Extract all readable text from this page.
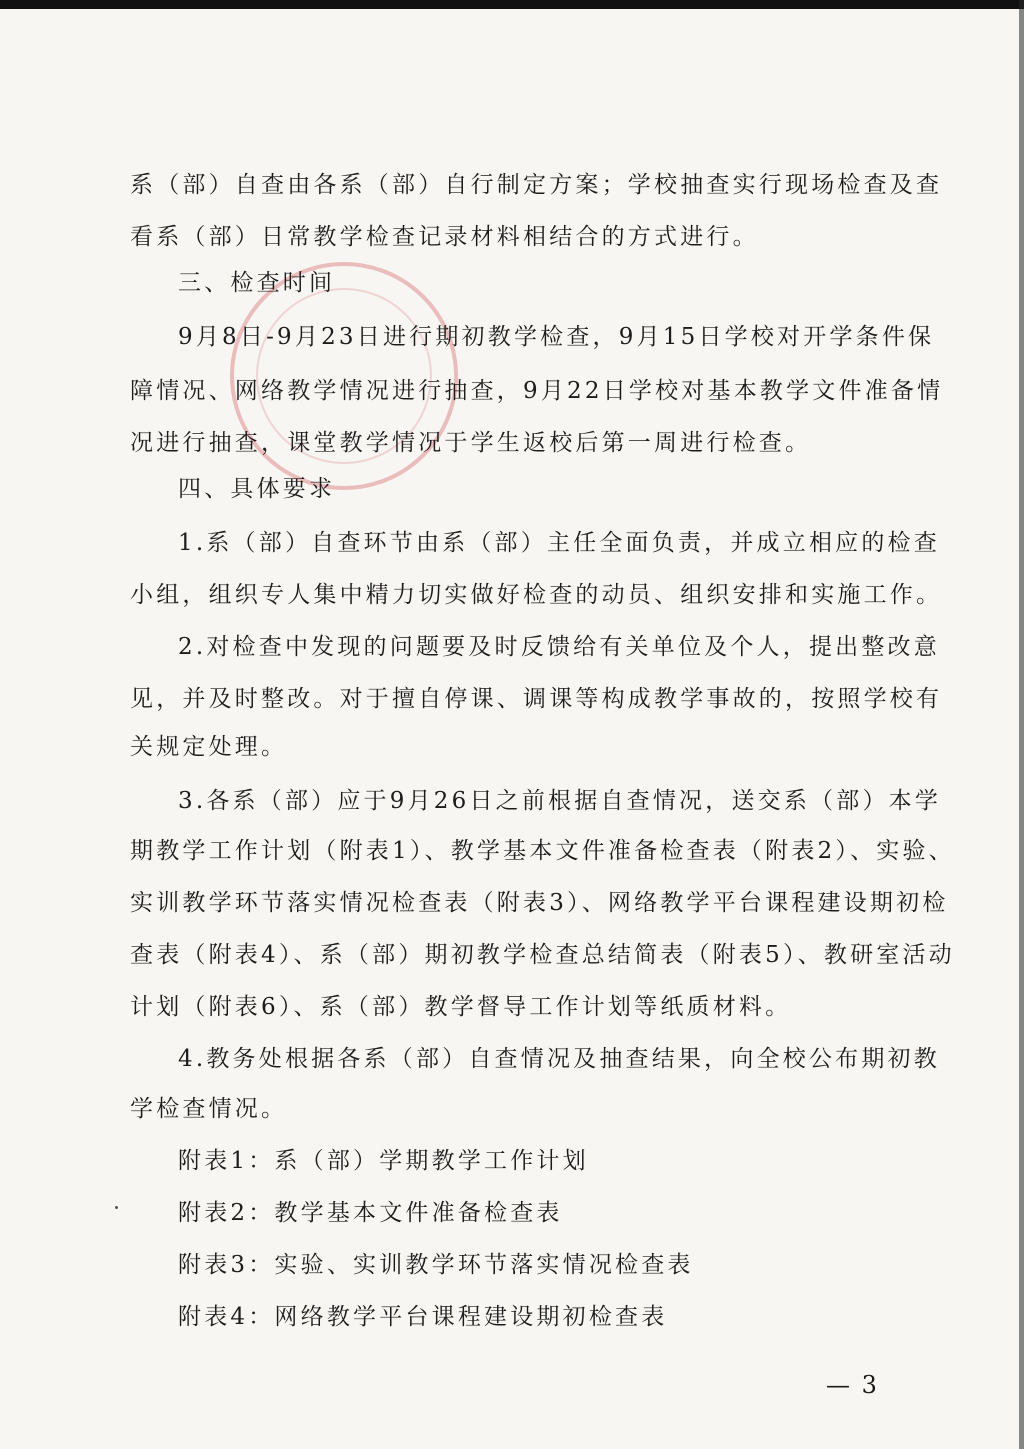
系（部）自查由各系（部）自行制定方案；学校抽查实行现场检查及查
看系（部）日常教学检查记录材料相结合的方式进行。
三、检查时间
9月8日-9月23日进行期初教学检查，9月15日学校对开学条件保
障情况、网络教学情况进行抽查，9月22日学校对基本教学文件准备情
况进行抽查，课堂教学情况于学生返校后第一周进行检查。
四、具体要求
1.系（部）自查环节由系（部）主任全面负责，并成立相应的检查
小组，组织专人集中精力切实做好检查的动员、组织安排和实施工作。
2.对检查中发现的问题要及时反馈给有关单位及个人，提出整改意
见，并及时整改。对于擅自停课、调课等构成教学事故的，按照学校有
关规定处理。
3.各系（部）应于9月26日之前根据自查情况，送交系（部）本学
期教学工作计划（附表1）、教学基本文件准备检查表（附表2）、实验、
实训教学环节落实情况检查表（附表3）、网络教学平台课程建设期初检
查表（附表4）、系（部）期初教学检查总结简表（附表5）、教研室活动
计划（附表6）、系（部）教学督导工作计划等纸质材料。
4.教务处根据各系（部）自查情况及抽查结果，向全校公布期初教
学检查情况。
附表1：系（部）学期教学工作计划
附表2：教学基本文件准备检查表
附表3：实验、实训教学环节落实情况检查表
附表4：网络教学平台课程建设期初检查表
— 3
